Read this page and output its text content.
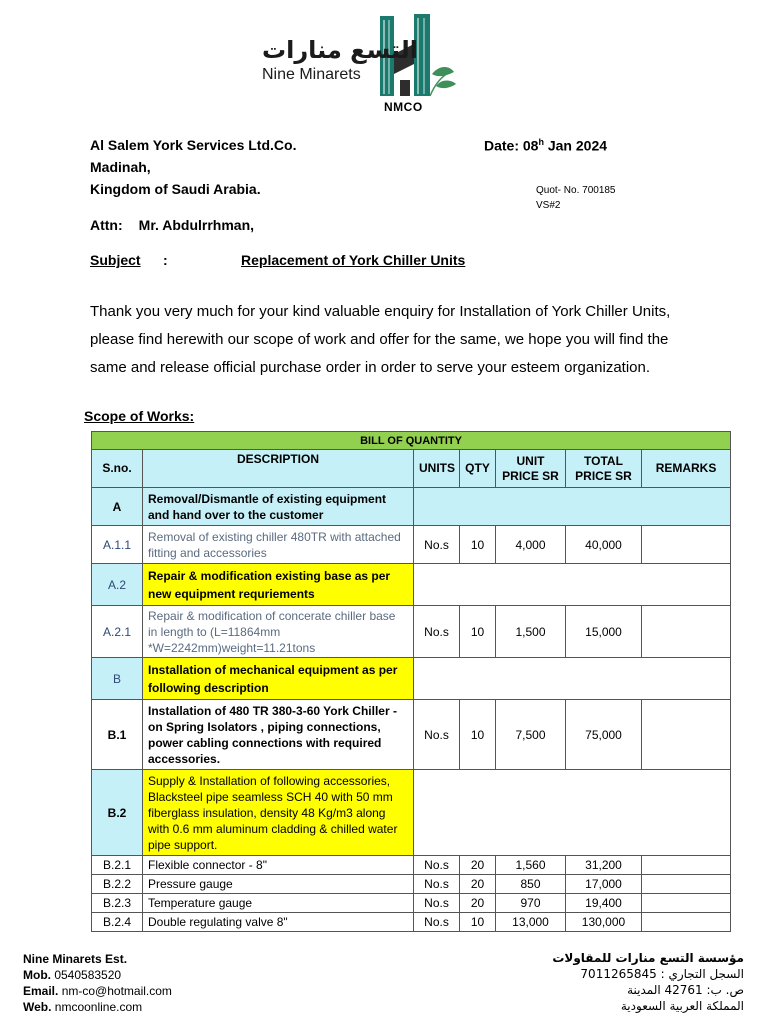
التسع منارات
Nine Minarets
NMCO
Al Salem York Services Ltd.Co.
Madinah,
Kingdom of Saudi Arabia.
Date: 08$^h$ Jan 2024
Quot- No. 700185
VS#2
Attn: Mr. Abdulrrhman,
Subject :	Replacement of York Chiller Units
Thank you very much for your kind valuable enquiry for Installation of York Chiller Units, please find herewith our scope of work and offer for the same, we hope you will find the same and release official purchase order in order to serve your esteem organization.
Scope of Works:
BILL OF QUANTITY						
S.no.	DESCRIPTION	UNITS	QTY	UNIT PRICE SR	TOTAL PRICE SR	REMARKS
A	Removal/Dismantle of existing equipment and hand over to the customer					
A.1.1	Removal of existing chiller 480TR with attached fitting and accessories	No.s	10	4,000	40,000	
A.2	Repair & modification existing base as per new equipment requriements					
A.2.1	Repair & modification of concerate chiller base in length to (L=11864mm *W=2242mm)weight=11.21tons	No.s	10	1,500	15,000	
B	Installation of mechanical equipment as per following description					
B.1	Installation of 480 TR 380-3-60 York Chiller - on Spring Isolators , piping connections, power cabling connections with required accessories.	No.s	10	7,500	75,000	
B.2	Supply & Installation of following accessories, Blacksteel pipe seamless SCH 40 with 50 mm fiberglass insulation, density 48 Kg/m3 along with 0.6 mm aluminum cladding & chilled water pipe support.					
B.2.1	Flexible connector - 8"	No.s	20	1,560	31,200	
B.2.2	Pressure gauge	No.s	20	850	17,000	
B.2.3	Temperature gauge	No.s	20	970	19,400	
B.2.4	Double regulating valve 8"	No.s	10	13,000	130,000	
Nine Minarets Est.
Mob. 0540583520
Email. nm-co@hotmail.com
Web. nmcoonline.com
مؤسسة التسع منارات للمقاولات
السجل التجاري : 7011265845
ص. ب: 42761 المدينة
المملكة العربية السعودية
